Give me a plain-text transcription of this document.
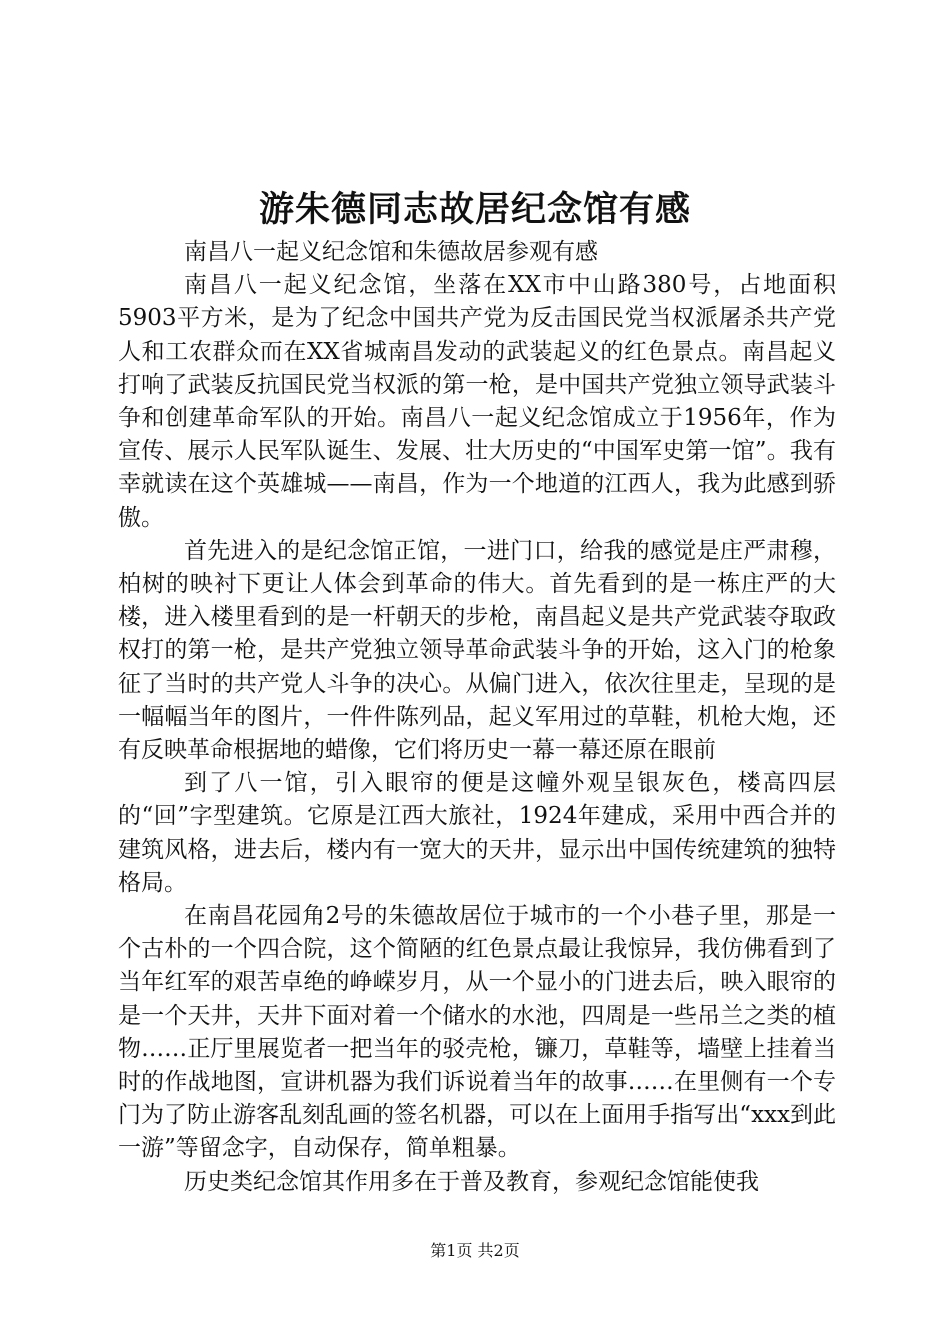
游朱德同志故居纪念馆有感

南昌八一起义纪念馆和朱德故居参观有感

南昌八一起义纪念馆，坐落在XX市中山路380号，占地面积5903平方米，是为了纪念中国共产党为反击国民党当权派屠杀共产党人和工农群众而在XX省城南昌发动的武装起义的红色景点。南昌起义打响了武装反抗国民党当权派的第一枪，是中国共产党独立领导武装斗争和创建革命军队的开始。南昌八一起义纪念馆成立于1956年，作为宣传、展示人民军队诞生、发展、壮大历史的“中国军史第一馆”。我有幸就读在这个英雄城——南昌，作为一个地道的江西人，我为此感到骄傲。

首先进入的是纪念馆正馆，一进门口，给我的感觉是庄严肃穆，柏树的映衬下更让人体会到革命的伟大。首先看到的是一栋庄严的大楼，进入楼里看到的是一杆朝天的步枪，南昌起义是共产党武装夺取政权打的第一枪，是共产党独立领导革命武装斗争的开始，这入门的枪象征了当时的共产党人斗争的决心。从偏门进入，依次往里走，呈现的是一幅幅当年的图片，一件件陈列品，起义军用过的草鞋，机枪大炮，还有反映革命根据地的蜡像，它们将历史一幕一幕还原在眼前

到了八一馆，引入眼帘的便是这幢外观呈银灰色，楼高四层的“回”字型建筑。它原是江西大旅社，1924年建成，采用中西合并的建筑风格，进去后，楼内有一宽大的天井，显示出中国传统建筑的独特格局。

在南昌花园角2号的朱德故居位于城市的一个小巷子里，那是一个古朴的一个四合院，这个简陋的红色景点最让我惊异，我仿佛看到了当年红军的艰苦卓绝的峥嵘岁月，从一个显小的门进去后，映入眼帘的是一个天井，天井下面对着一个储水的水池，四周是一些吊兰之类的植物……正厅里展览者一把当年的驳壳枪，镰刀，草鞋等，墙壁上挂着当时的作战地图，宣讲机器为我们诉说着当年的故事……在里侧有一个专门为了防止游客乱刻乱画的签名机器，可以在上面用手指写出“xxx到此一游”等留念字，自动保存，简单粗暴。

历史类纪念馆其作用多在于普及教育，参观纪念馆能使我

第1页 共2页
